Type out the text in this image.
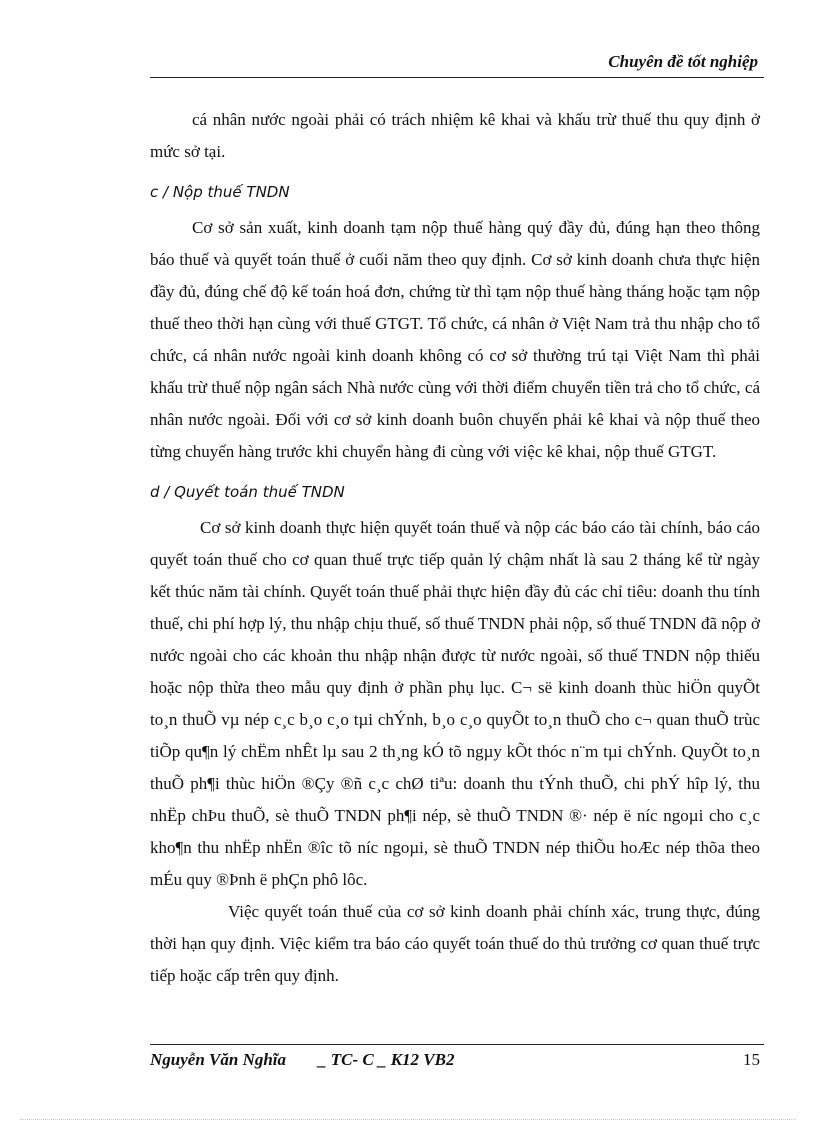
Chuyên đề tốt nghiệp

cá nhân nước ngoài phải có trách nhiệm kê khai và khấu trừ thuế thu quy định ở mức sở tại.

c / Nộp thuế TNDN

Cơ sở sản xuất, kinh doanh tạm nộp thuế hàng quý đầy đủ, đúng hạn theo thông báo thuế và quyết toán thuế ở cuối năm theo quy định. Cơ sở kinh doanh chưa thực hiện đầy đủ, đúng chế độ kế toán hoá đơn, chứng từ thì tạm nộp thuế hàng tháng hoặc tạm nộp thuế theo thời hạn cùng với thuế GTGT. Tổ chức, cá nhân ở Việt Nam trả thu nhập cho tổ chức, cá nhân nước ngoài kinh doanh không có cơ sở thường trú tại Việt Nam thì phải khấu trừ thuế nộp ngân sách Nhà nước cùng với thời điểm chuyển tiền trả cho tổ chức, cá nhân nước ngoài. Đối với cơ sở kinh doanh buôn chuyến phải kê khai và nộp thuế theo từng chuyến hàng trước khi chuyển hàng đi cùng với việc kê khai, nộp thuế GTGT.

d / Quyết toán thuế TNDN

Cơ sở kinh doanh thực hiện quyết toán thuế và nộp các báo cáo tài chính, báo cáo quyết toán thuế cho cơ quan thuế trực tiếp quản lý chậm nhất là sau 2 tháng kể từ ngày kết thúc năm tài chính. Quyết toán thuế phải thực hiện đầy đủ các chỉ tiêu: doanh thu tính thuế, chi phí hợp lý, thu nhập chịu thuế, số thuế TNDN phải nộp, số thuế TNDN đã nộp ở nước ngoài cho các khoản thu nhập nhận được từ nước ngoài, số thuế TNDN nộp thiếu hoặc nộp thừa theo mẫu quy định ở phần phụ lục. C¬ së kinh doanh thùc hiÖn quyÕt to¸n thuÕ vµ nép c¸c b¸o c¸o tµi chÝnh, b¸o c¸o quyÕt to¸n thuÕ cho c¬ quan thuÕ trùc tiÕp qu¶n lý chËm nhÊt lµ sau 2 th¸ng kÓ tõ ngµy kÕt thóc n¨m tµi chÝnh. QuyÕt to¸n thuÕ ph¶i thùc hiÖn ®Çy ®ñ c¸c chØ tiªu: doanh thu tÝnh thuÕ, chi phÝ hîp lý, thu nhËp chÞu thuÕ, sè thuÕ TNDN ph¶i nép, sè thuÕ TNDN ®· nép ë níc ngoµi cho c¸c kho¶n thu nhËp nhËn ®îc tõ níc ngoµi, sè thuÕ TNDN nép thiÕu hoÆc nép thõa theo mÉu quy ®Þnh ë phÇn phô lôc.

Việc quyết toán thuế của cơ sở kinh doanh phải chính xác, trung thực, đúng thời hạn quy định. Việc kiểm tra báo cáo quyết toán thuế do thủ trưởng cơ quan thuế trực tiếp hoặc cấp trên quy định.

Nguyễn Văn Nghĩa _ TC- C _ K12 VB2	15
